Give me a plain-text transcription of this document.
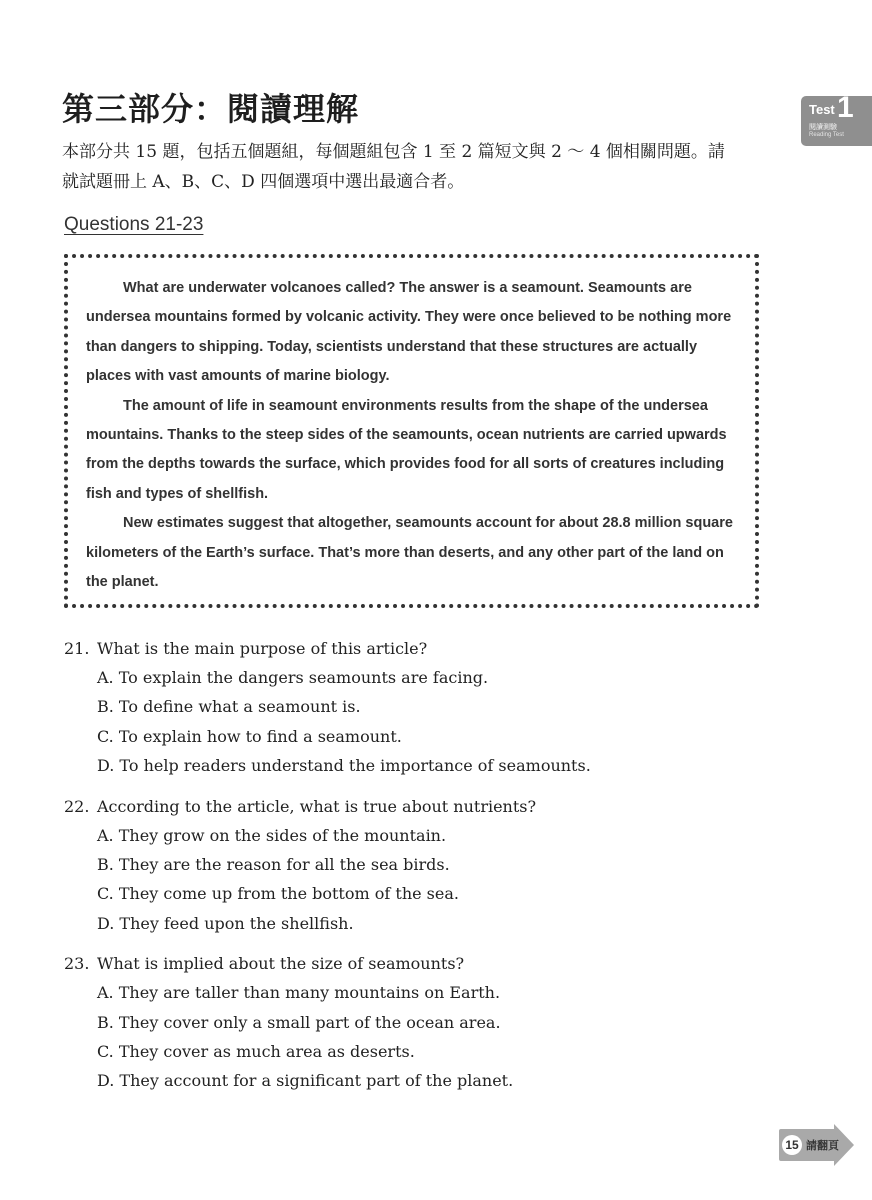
第三部分：閱讀理解
本部分共 15 題，包括五個題組，每個題組包含 1 至 2 篇短文與 2 ～ 4 個相關問題。請
就試題冊上 A、B、C、D 四個選項中選出最適合者。
Test 1
閱讀測驗
Reading Test
Questions 21-23

What are underwater volcanoes called? The answer is a seamount. Seamounts are undersea mountains formed by volcanic activity. They were once believed to be nothing more than dangers to shipping. Today, scientists understand that these structures are actually places with vast amounts of marine biology.

The amount of life in seamount environments results from the shape of the undersea mountains. Thanks to the steep sides of the seamounts, ocean nutrients are carried upwards from the depths towards the surface, which provides food for all sorts of creatures including fish and types of shellfish.

New estimates suggest that altogether, seamounts account for about 28.8 million square kilometers of the Earth’s surface. That’s more than deserts, and any other part of the land on the planet.

21. What is the main purpose of this article?
A. To explain the dangers seamounts are facing.
B. To define what a seamount is.
C. To explain how to find a seamount.
D. To help readers understand the importance of seamounts.
22. According to the article, what is true about nutrients?
A. They grow on the sides of the mountain.
B. They are the reason for all the sea birds.
C. They come up from the bottom of the sea.
D. They feed upon the shellfish.
23. What is implied about the size of seamounts?
A. They are taller than many mountains on Earth.
B. They cover only a small part of the ocean area.
C. They cover as much area as deserts.
D. They account for a significant part of the planet.
15 請翻頁
